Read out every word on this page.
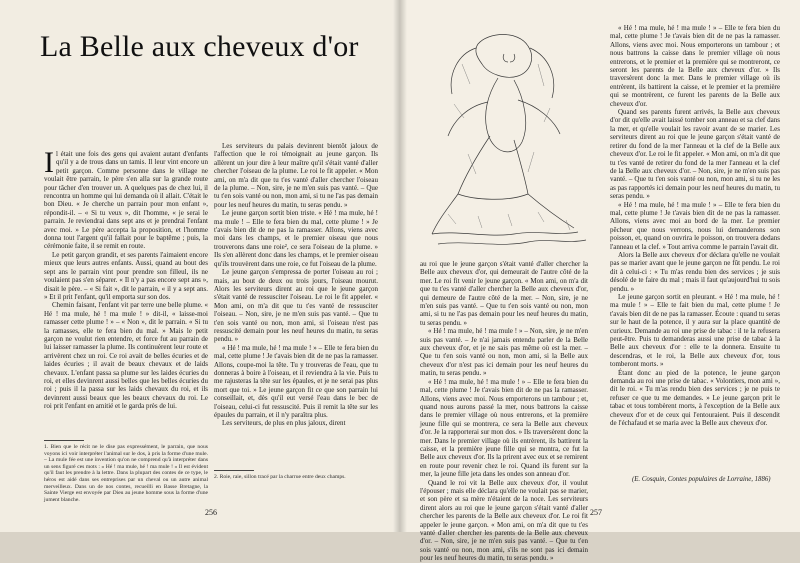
La Belle aux cheveux d'or

Il était une fois des gens qui avaient autant d'enfants qu'il y a de trous dans un tamis. Il leur vint encore un petit garçon. Comme personne dans le village ne voulait être parrain, le père s'en alla sur la grande route pour tâcher d'en trouver un. A quelques pas de chez lui, il rencontra un homme qui lui demanda où il allait. C'était le bon Dieu. « Je cherche un parrain pour mon enfant », répondit-il. – « Si tu veux », dit l'homme, « je serai le parrain. Je reviendrai dans sept ans et je prendrai l'enfant avec moi. » Le père accepta la proposition, et l'homme donna tout l'argent qu'il fallait pour le baptême ; puis, la cérémonie faite, il se remit en route.

Le petit garçon grandit, et ses parents l'aimaient encore mieux que leurs autres enfants. Aussi, quand au bout des sept ans le parrain vint pour prendre son filleul, ils ne voulaient pas s'en séparer. « Il n'y a pas encore sept ans », disait le père. – « Si fait », dit le parrain, « il y a sept ans. » Et il prit l'enfant, qu'il emporta sur son dos.

Chemin faisant, l'enfant vit par terre une belle plume. « Hé ! ma mule, hé ! ma mule ! » dit-il, « laisse-moi ramasser cette plume ! » – « Non », dit le parrain. « Si tu la ramasses, elle te fera bien du mal. » Mais le petit garçon ne voulut rien entendre, et force fut au parrain de lui laisser ramasser la plume. Ils continuèrent leur route et arrivèrent chez un roi. Ce roi avait de belles écuries et de laides écuries ; il avait de beaux chevaux et de laids chevaux. L'enfant passa sa plume sur les laides écuries du roi, et elles devinrent aussi belles que les belles écuries du roi ; puis il la passa sur les laids chevaux du roi, et ils devinrent aussi beaux que les beaux chevaux du roi. Le roi prit l'enfant en amitié et le garda près de lui.

1. Bien que le récit ne le dise pas expressément, le parrain, que nous voyons ici voir interpréter l'animal sur le dos, à pris la forme d'une mule. – La mule fée est une invention qu'on ne comprend qu'à interpréter dans un sens figuré ces mots : « Hé ! ma mule, hé ! ma mule ! » Il est évident qu'il faut les prendre à la lettre. Dans la plupart des contes de ce type, le héros est aidé dans ses entreprises par un cheval ou un autre animal merveilleux. Dans un de nos contes, recueilli en Basse Bretagne, la Sainte Vierge est envoyée par Dieu au jeune homme sous la forme d'une jument blanche.

Les serviteurs du palais devinrent bientôt jaloux de l'affection que le roi témoignait au jeune garçon. Ils allèrent un jour dire à leur maître qu'il s'était vanté d'aller chercher l'oiseau de la plume. Le roi le fit appeler. « Mon ami, on m'a dit que tu t'es vanté d'aller chercher l'oiseau de la plume. – Non, sire, je ne m'en suis pas vanté. – Que tu t'en sois vanté ou non, mon ami, si tu ne l'as pas demain pour les neuf heures du matin, tu seras pendu. »

Le jeune garçon sortit bien triste. « Hé ! ma mule, hé ! ma mule ! – Elle te fera bien du mal, cette plume ! » Je t'avais bien dit de ne pas la ramasser. Allons, viens avec moi dans les champs, et le premier oiseau que nous trouverons dans une roie², ce sera l'oiseau de la plume. » Ils s'en allèrent donc dans les champs, et le premier oiseau qu'ils trouvèrent dans une roie, ce fut l'oiseau de la plume.

Le jeune garçon s'empressa de porter l'oiseau au roi ; mais, au bout de deux ou trois jours, l'oiseau mourut. Alors les serviteurs dirent au roi que le jeune garçon s'était vanté de ressusciter l'oiseau. Le roi le fit appeler. « Mon ami, on m'a dit que tu t'es vanté de ressusciter l'oiseau. – Non, sire, je ne m'en suis pas vanté. – Que tu t'en sois vanté ou non, mon ami, si l'oiseau n'est pas ressuscité demain pour les neuf heures du matin, tu seras pendu. »

« Hé ! ma mule, hé ! ma mule ! » – Elle te fera bien du mal, cette plume ! Je t'avais bien dit de ne pas la ramasser. Allons, coupe-moi la tête. Tu y trouveras de l'eau, que tu donneras à boire à l'oiseau, et il reviendra à la vie. Puis tu me rajusteras la tête sur les épaules, et je ne serai pas plus mort que toi. » Le jeune garçon fit ce que son parrain lui conseillait, et, dès qu'il eut versé l'eau dans le bec de l'oiseau, celui-ci fut ressuscité. Puis il remit la tête sur les épaules du parrain, et il n'y paraîtra plus.

Les serviteurs, de plus en plus jaloux, dirent

2. Roie, raie, sillon tracé par la charrue entre deux champs.
256

au roi que le jeune garçon s'était vanté d'aller chercher la Belle aux cheveux d'or, qui demeurait de l'autre côté de la mer. Le roi fit venir le jeune garçon. « Mon ami, on m'a dit que tu t'es vanté d'aller chercher la Belle aux cheveux d'or, qui demeure de l'autre côté de la mer. – Non, sire, je ne m'en suis pas vanté. – Que tu t'en sois vanté ou non, mon ami, si tu ne l'as pas demain pour les neuf heures du matin, tu seras pendu. »

« Hé ! ma mule, hé ! ma mule ! » – Non, sire, je ne m'en suis pas vanté. – Je n'ai jamais entendu parler de la Belle aux cheveux d'or, et je ne sais pas même où est la mer. – Que tu t'en sois vanté ou non, mon ami, si la Belle aux cheveux d'or n'est pas ici demain pour les neuf heures du matin, tu seras pendu. »

« Hé ! ma mule, hé ! ma mule ! » – Elle te fera bien du mal, cette plume ! Je t'avais bien dit de ne pas la ramasser. Allons, viens avec moi. Nous emporterons un tambour ; et, quand nous aurons passé la mer, nous battrons la caisse dans le premier village où nous entrerons, et la première jeune fille qui se montrera, ce sera la Belle aux cheveux d'or. Je la rapporterai sur mon dos. » Ils traversèrent donc la mer. Dans le premier village où ils entrèrent, ils battirent la caisse, et la première jeune fille qui se montra, ce fut la Belle aux cheveux d'or. Ils la prirent avec eux et se remirent en route pour revenir chez le roi. Quand ils furent sur la mer, la jeune fille jeta dans les ondes son anneau d'or.

Quand le roi vit la Belle aux cheveux d'or, il voulut l'épouser ; mais elle déclara qu'elle ne voulait pas se marier, et son père et sa mère n'étaient de la noce. Les serviteurs dirent alors au roi que le jeune garçon s'était vanté d'aller chercher les parents de la Belle aux cheveux d'or. Le roi fit appeler le jeune garçon. « Mon ami, on m'a dit que tu t'es vanté d'aller chercher les parents de la Belle aux cheveux d'or. – Non, sire, je ne m'en suis pas vanté. – Que tu t'en sois vanté ou non, mon ami, s'ils ne sont pas ici demain pour les neuf heures du matin, tu seras pendu. »

« Hé ! ma mule, hé ! ma mule ! » – Elle te fera bien du mal, cette plume ! Je t'avais bien dit de ne pas la ramasser. Allons, viens avec moi. Nous emporterons un tambour ; et nous battrons la caisse dans le premier village où nous entrerons, et le premier et la première qui se montreront, ce seront les parents de la Belle aux cheveux d'or. » Ils traversèrent donc la mer. Dans le premier village où ils entrèrent, ils battirent la caisse, et le premier et la première qui se montrèrent, ce furent les parents de la Belle aux cheveux d'or.

Quand ses parents furent arrivés, la Belle aux cheveux d'or dit qu'elle avait laissé tomber son anneau et sa clef dans la mer, et qu'elle voulait les ravoir avant de se marier. Les serviteurs dirent au roi que le jeune garçon s'était vanté de retirer du fond de la mer l'anneau et la clef de la Belle aux cheveux d'or. Le roi le fit appeler. « Mon ami, on m'a dit que tu t'es vanté de retirer du fond de la mer l'anneau et la clef de la Belle aux cheveux d'or. – Non, sire, je ne m'en suis pas vanté. – Que tu t'en sois vanté ou non, mon ami, si tu ne les as pas rapportés ici demain pour les neuf heures du matin, tu seras pendu. »

« Hé ! ma mule, hé ! ma mule ! » – Elle te fera bien du mal, cette plume ! Je t'avais bien dit de ne pas la ramasser. Allons, viens avec moi au bord de la mer. Le premier pêcheur que nous verrons, nous lui demanderons son poisson, et, quand on ouvrira le poisson, on trouvera dedans l'anneau et la clef. » Tout arriva comme le parrain l'avait dit.

Alors la Belle aux cheveux d'or déclara qu'elle ne voulait pas se marier avant que le jeune garçon ne fût pendu. Le roi dit à celui-ci : « Tu m'as rendu bien des services ; je suis désolé de te faire du mal ; mais il faut qu'aujourd'hui tu sois pendu. »

Le jeune garçon sortit en pleurant. « Hé ! ma mule, hé ! ma mule ! » – Elle te fait bien du mal, cette plume ! Je t'avais bien dit de ne pas la ramasser. Écoute : quand tu seras sur le haut de la potence, il y aura sur la place quantité de curieux. Demande au roi une prise de tabac : il te la refusera peut-être. Puis tu demanderas aussi une prise de tabac à la Belle aux cheveux d'or : elle te la donnera. Ensuite tu descendras, et le roi, la Belle aux cheveux d'or, tous tomberont morts. »

Étant donc au pied de la potence, le jeune garçon demanda au roi une prise de tabac. « Volontiers, mon ami », dit le roi. « Tu m'as rendu bien des services ; je ne puis te refuser ce que tu me demandes. » Le jeune garçon prit le tabac et tous tombèrent morts, à l'exception de la Belle aux cheveux d'or et de ceux qui l'entouraient. Puis il descendit de l'échafaud et se maria avec la Belle aux cheveux d'or.

(E. Cosquin, Contes populaires de Lorraine, 1886)
257
